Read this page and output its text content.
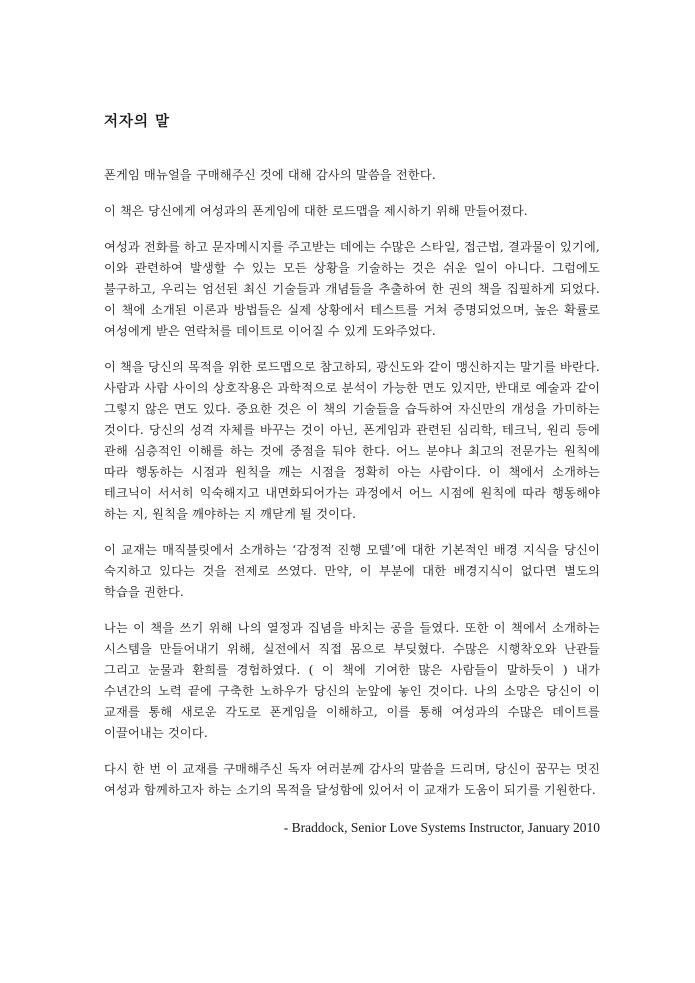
저자의 말

폰게임 매뉴얼을 구매해주신 것에 대해 감사의 말씀을 전한다.

이 책은 당신에게 여성과의 폰게임에 대한 로드맵을 제시하기 위해 만들어졌다.

여성과 전화를 하고 문자메시지를 주고받는 데에는 수많은 스타일, 접근법, 결과물이 있기에, 이와 관련하여 발생할 수 있는 모든 상황을 기술하는 것은 쉬운 일이 아니다. 그럼에도 불구하고, 우리는 엄선된 최신 기술들과 개념들을 추출하여 한 권의 책을 집필하게 되었다. 이 책에 소개된 이론과 방법들은 실제 상황에서 테스트를 거쳐 증명되었으며, 높은 확률로 여성에게 받은 연락처를 데이트로 이어질 수 있게 도와주었다.

이 책을 당신의 목적을 위한 로드맵으로 참고하되, 광신도와 같이 맹신하지는 말기를 바란다. 사람과 사람 사이의 상호작용은 과학적으로 분석이 가능한 면도 있지만, 반대로 예술과 같이 그렇지 않은 면도 있다. 중요한 것은 이 책의 기술들을 습득하여 자신만의 개성을 가미하는 것이다. 당신의 성격 자체를 바꾸는 것이 아닌, 폰게임과 관련된 심리학, 테크닉, 원리 등에 관해 심층적인 이해를 하는 것에 중점을 둬야 한다. 어느 분야나 최고의 전문가는 원칙에 따라 행동하는 시점과 원칙을 깨는 시점을 정확히 아는 사람이다. 이 책에서 소개하는 테크닉이 서서히 익숙해지고 내면화되어가는 과정에서 어느 시점에 원칙에 따라 행동해야 하는 지, 원칙을 깨야하는 지 깨닫게 될 것이다.

이 교재는 매직불릿에서 소개하는 ‘감정적 진행 모델’에 대한 기본적인 배경 지식을 당신이 숙지하고 있다는 것을 전제로 쓰였다. 만약, 이 부분에 대한 배경지식이 없다면 별도의 학습을 권한다.

나는 이 책을 쓰기 위해 나의 열정과 집념을 바치는 공을 들였다. 또한 이 책에서 소개하는 시스템을 만들어내기 위해, 실전에서 직접 몸으로 부딪혔다. 수많은 시행착오와 난관들 그리고 눈물과 환희를 경험하였다. ( 이 책에 기여한 많은 사람들이 말하듯이 ) 내가 수년간의 노력 끝에 구축한 노하우가 당신의 눈앞에 놓인 것이다. 나의 소망은 당신이 이 교재를 통해 새로운 각도로 폰게임을 이해하고, 이를 통해 여성과의 수많은 데이트를 이끌어내는 것이다.

다시 한 번 이 교재를 구매해주신 독자 여러분께 감사의 말씀을 드리며, 당신이 꿈꾸는 멋진 여성과 함께하고자 하는 소기의 목적을 달성함에 있어서 이 교재가 도움이 되기를 기원한다.

- Braddock, Senior Love Systems Instructor, January 2010
